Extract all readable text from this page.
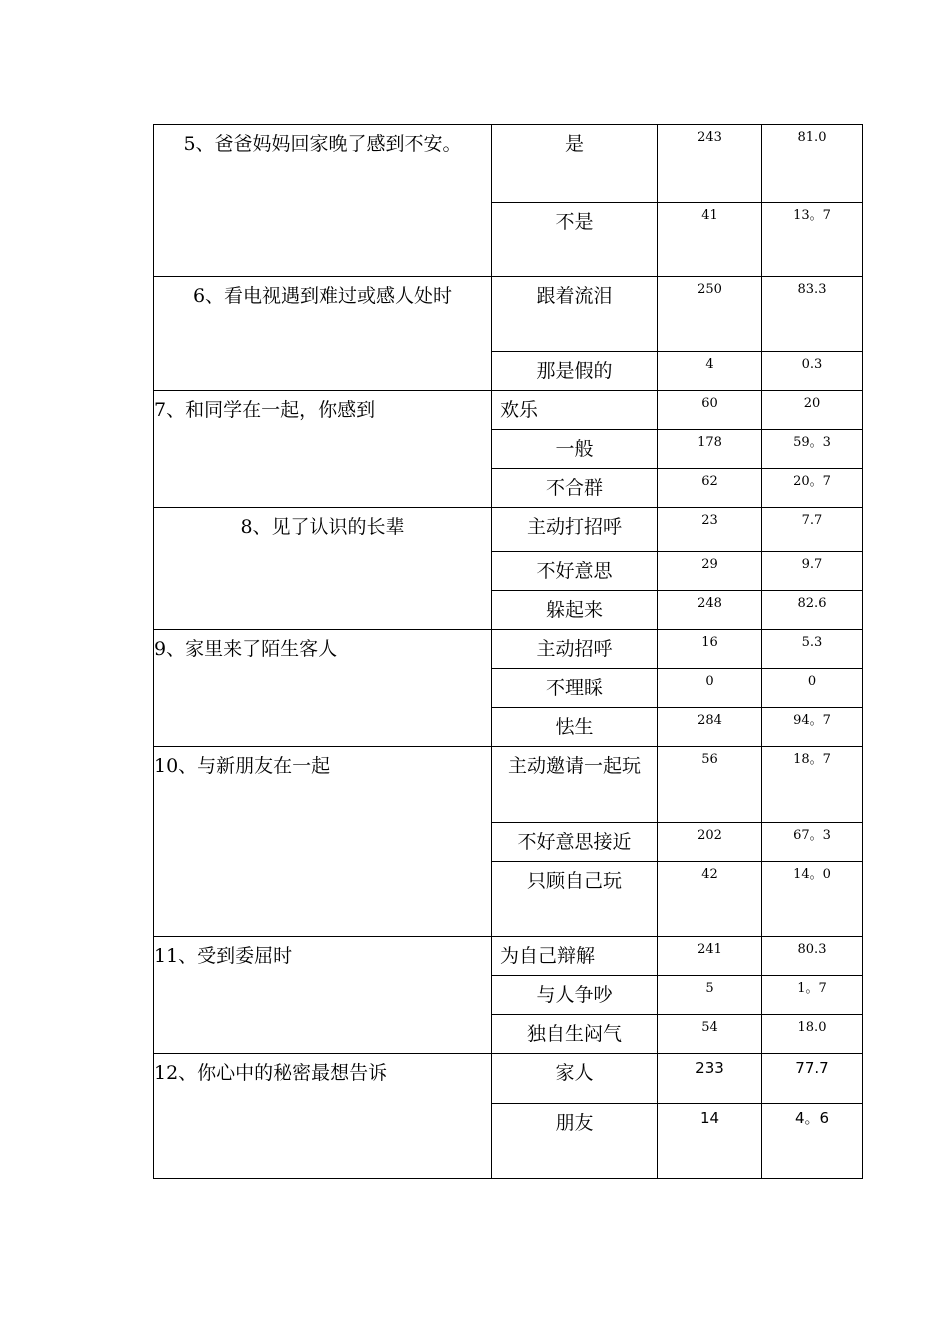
5、爸爸妈妈回家晚了感到不安。	是	243	81.0
	不是	41	13。7
6、看电视遇到难过或感人处时	跟着流泪	250	83.3
	那是假的	4	0.3
7、和同学在一起，你感到	欢乐	60	20
	一般	178	59。3
	不合群	62	20。7
8、见了认识的长辈	主动打招呼	23	7.7
	不好意思	29	9.7
	躲起来	248	82.6
9、家里来了陌生客人	主动招呼	16	5.3
	不理睬	0	0
	怯生	284	94。7
10、与新朋友在一起	主动邀请一起玩	56	18。7
	不好意思接近	202	67。3
	只顾自己玩	42	14。0
11、受到委屈时	为自己辩解	241	80.3
	与人争吵	5	1。7
	独自生闷气	54	18.0
12、你心中的秘密最想告诉	家人	233	77.7
	朋友	14	4。6
